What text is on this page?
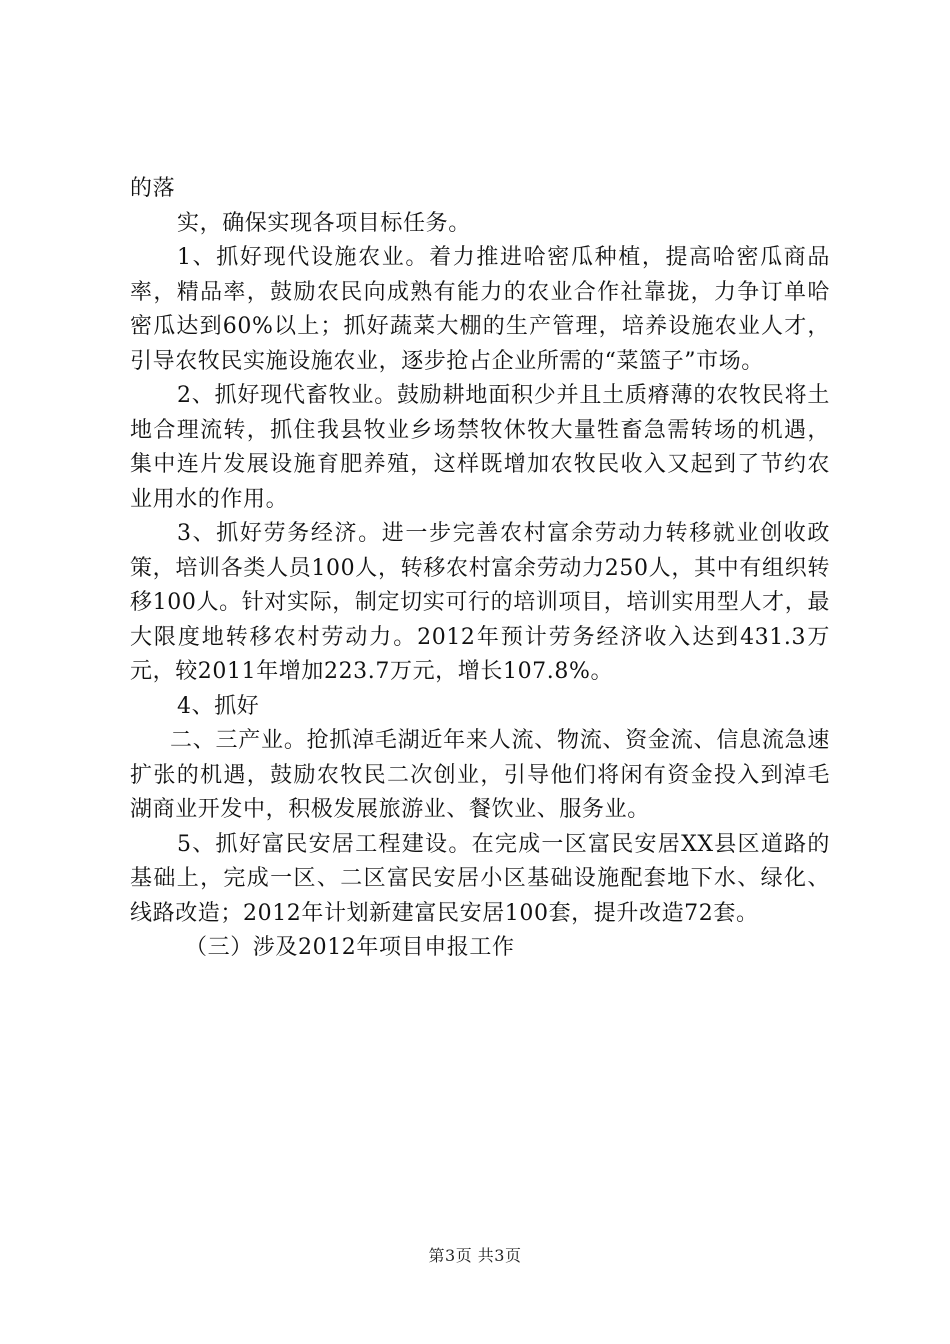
的落

实，确保实现各项目标任务。

1、抓好现代设施农业。着力推进哈密瓜种植，提高哈密瓜商品率，精品率，鼓励农民向成熟有能力的农业合作社靠拢，力争订单哈密瓜达到60%以上；抓好蔬菜大棚的生产管理，培养设施农业人才，引导农牧民实施设施农业，逐步抢占企业所需的“菜篮子”市场。

2、抓好现代畜牧业。鼓励耕地面积少并且土质瘠薄的农牧民将土地合理流转，抓住我县牧业乡场禁牧休牧大量牲畜急需转场的机遇，集中连片发展设施育肥养殖，这样既增加农牧民收入又起到了节约农业用水的作用。

3、抓好劳务经济。进一步完善农村富余劳动力转移就业创收政策，培训各类人员100人，转移农村富余劳动力250人，其中有组织转移100人。针对实际，制定切实可行的培训项目，培训实用型人才，最大限度地转移农村劳动力。2012年预计劳务经济收入达到431.3万元，较2011年增加223.7万元，增长107.8%。

4、抓好

二、三产业。抢抓淖毛湖近年来人流、物流、资金流、信息流急速扩张的机遇，鼓励农牧民二次创业，引导他们将闲有资金投入到淖毛湖商业开发中，积极发展旅游业、餐饮业、服务业。

5、抓好富民安居工程建设。在完成一区富民安居XX县区道路的基础上，完成一区、二区富民安居小区基础设施配套地下水、绿化、线路改造；2012年计划新建富民安居100套，提升改造72套。

（三）涉及2012年项目申报工作

第3页 共3页
